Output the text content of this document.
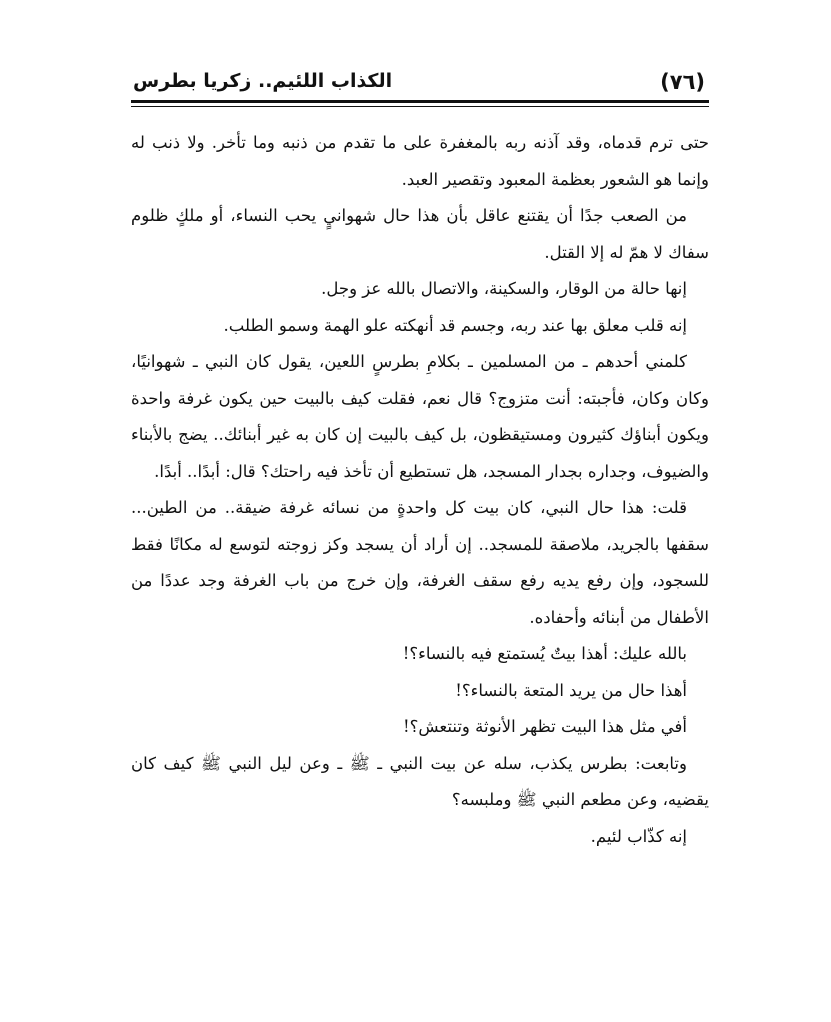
(٧٦)
الكذاب اللئيم.. زكريا بطرس

حتى ترم قدماه، وقد آذنه ربه بالمغفرة على ما تقدم من ذنبه وما تأخر. ولا ذنب له وإنما هو الشعور بعظمة المعبود وتقصير العبد.

من الصعب جدًا أن يقتنع عاقل بأن هذا حال شهوانيٍ يحب النساء، أو ملكٍ ظلوم سفاك لا همّ له إلا القتل.

إنها حالة من الوقار، والسكينة، والاتصال بالله عز وجل.

إنه قلب معلق بها عند ربه، وجسم قد أنهكته علو الهمة وسمو الطلب.

كلمني أحدهم ـ من المسلمين ـ بكلامِ بطرسٍ اللعين، يقول كان النبي ـ شهوانيًا، وكان وكان، فأجبته: أنت متزوج؟ قال نعم، فقلت كيف بالبيت حين يكون غرفة واحدة ويكون أبناؤك كثيرون ومستيقظون، بل كيف بالبيت إن كان به غير أبنائك.. يضج بالأبناء والضيوف، وجداره بجدار المسجد، هل تستطيع أن تأخذ فيه راحتك؟ قال: أبدًا.. أبدًا.

قلت: هذا حال النبي، كان بيت كل واحدةٍ من نسائه غرفة ضيقة.. من الطين... سقفها بالجريد، ملاصقة للمسجد.. إن أراد أن يسجد وكز زوجته لتوسع له مكانًا فقط للسجود، وإن رفع يديه رفع سقف الغرفة، وإن خرج من باب الغرفة وجد عددًا من الأطفال من أبنائه وأحفاده.

بالله عليك: أهذا بيتٌ يُستمتع فيه بالنساء؟!

أهذا حال من يريد المتعة بالنساء؟!

أفي مثل هذا البيت تظهر الأنوثة وتنتعش؟!

وتابعت: بطرس يكذب، سله عن بيت النبي ـ ﷺ ـ وعن ليل النبي ﷺ كيف كان يقضيه، وعن مطعم النبي ﷺ وملبسه؟

إنه كذّاب لئيم.
